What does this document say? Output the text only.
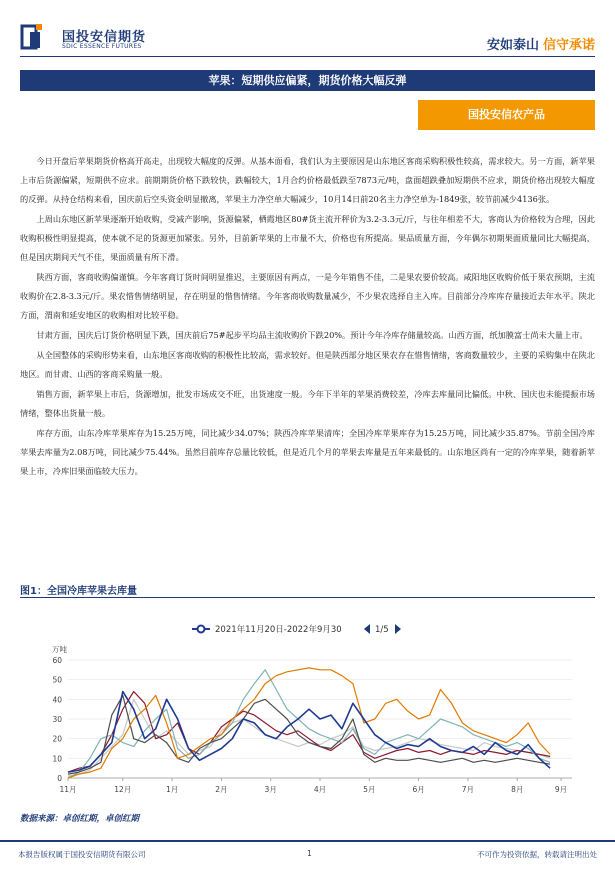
国投安信期货
SDIC ESSENCE FUTURES	安如泰山 信守承诺
苹果：短期供应偏紧，期货价格大幅反弹
国投安信农产品

今日开盘后苹果期货价格高开高走，出现较大幅度的反弹。从基本面看，我们认为主要原因是山东地区客商采购积极性较高，需求较大。另一方面，新苹果上市后货源偏紧，短期供不应求。前期期货价格下跌较快，跌幅较大，1月合约价格最低跌至7873元/吨，盘面超跌叠加短期供不应求，期货价格出现较大幅度的反弹。从持仓结构来看，国庆前后空头资金明显撤离，苹果主力净空单大幅减少，10月14日前20名主力净空单为-1849张，较节前减少4136张。

上周山东地区新苹果逐渐开始收购，受减产影响，货源偏紧，栖霞地区80#货主流开秤价为3.2-3.3元/斤，与往年相差不大，客商认为价格较为合理，因此收购积极性明显提高，使本就不足的货源更加紧张。另外，目前新苹果的上市量不大，价格也有所提高。果品质量方面，今年偶尔初期果面质量同比大幅提高，但是国庆期间天气不佳，果面质量有所下滑。

陕西方面，客商收购偏谨慎。今年客商订货时间明显推迟，主要原因有两点，一是今年销售不佳，二是果农要价较高。咸阳地区收购价低于果农预期，主流收购价在2.8-3.3元/斤。果农惜售情绪明显，存在明显的惜售情绪。今年客商收购数量减少，不少果农选择自主入库。目前部分冷库库存量接近去年水平。陕北方面，渭南和延安地区的收购相对比较平稳。

甘肃方面，国庆后订货价格明显下跌，国庆前后75#起步平均品主流收购价下跌20%。预计今年冷库存储量较高。山西方面，纸加膜富士尚未大量上市。

从全国整体的采购形势来看，山东地区客商收购的积极性比较高，需求较好。但是陕西部分地区果农存在惜售情绪，客商数量较少，主要的采购集中在陕北地区。而甘肃、山西的客商采购量一般。

销售方面，新苹果上市后，货源增加，批发市场成交不旺，出货速度一般。今年下半年的苹果消费较差，冷库去库量同比偏低。中秋、国庆也未能提振市场情绪，整体出货量一般。

库存方面，山东冷库苹果库存为15.25万吨，同比减少34.07%；陕西冷库苹果清库；全国冷库苹果库存为15.25万吨，同比减少35.87%。节前全国冷库苹果去库量为2.08万吨，同比减少75.44%。虽然目前库存总量比较低，但是近几个月的苹果去库量是五年来最低的。山东地区尚有一定的冷库苹果，随着新苹果上市，冷库旧果面临较大压力。

图1：全国冷库苹果去库量
2021年11月20日-2022年9月30	1/5
万吨
0
10
20
30
40
50
60
11月	12月	1月	2月	3月	4月	5月	6月	7月	8月	9月
数据来源：卓创红期，卓创红期
本报告版权属于国投安信期货有限公司	1	不可作为投资依据，转载请注明出处
